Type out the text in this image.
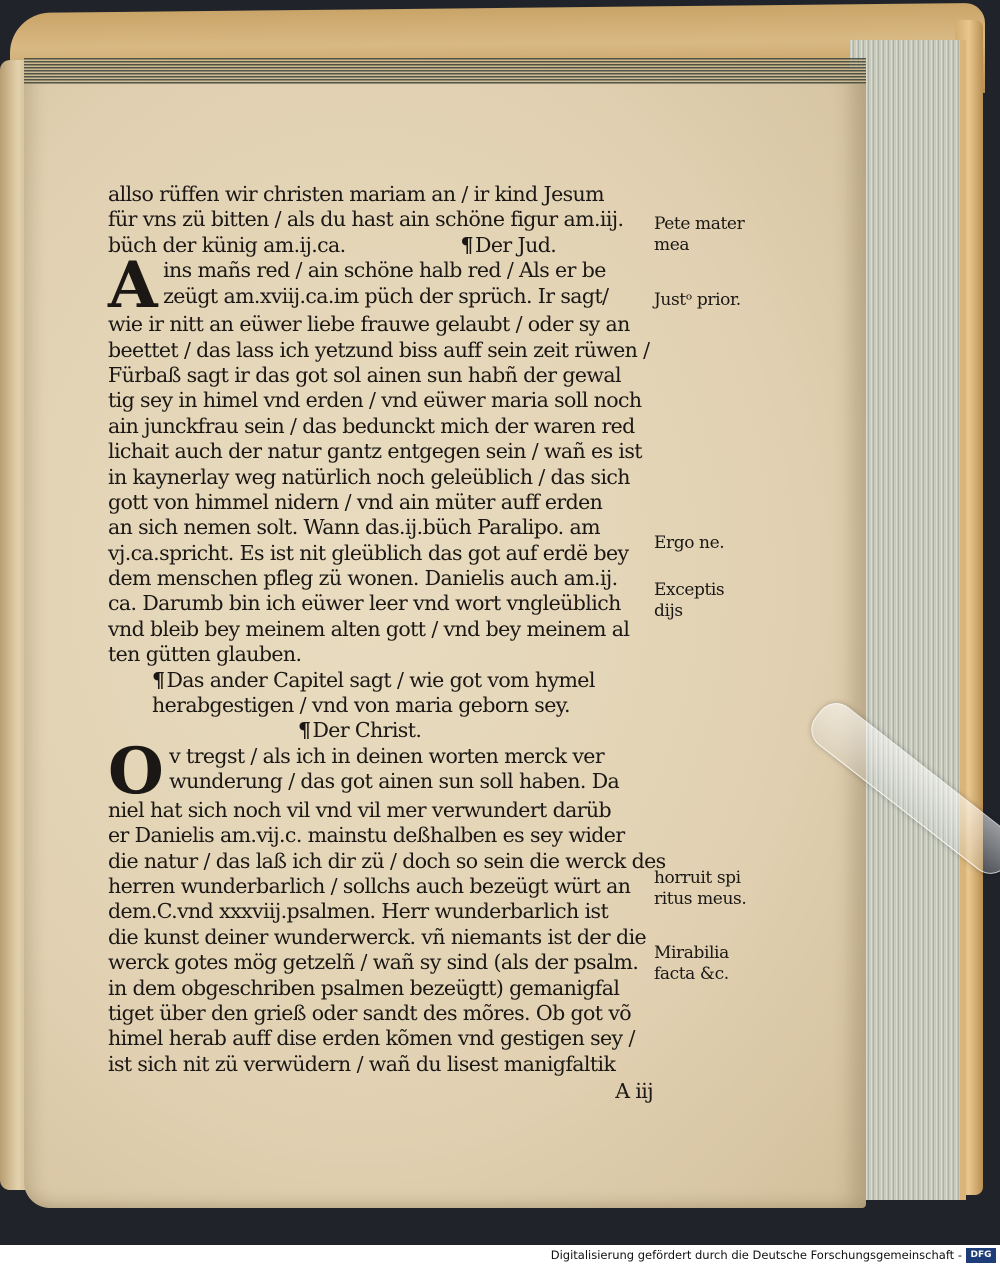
allso rüffen wir christen mariam an / ir kind Jesum
für vns zü bitten / als du hast ain schöne figur am.iij.
büch der künig am.ij.ca.	¶Der Jud.
A ins mañs red / ain schöne halb red / Als er be
zeügt am.xviij.ca.im püch der sprüch. Ir sagt/
wie ir nitt an eüwer liebe frauwe gelaubt / oder sy an
beettet / das lass ich yetzund biss auff sein zeit rüwen /
Fürbaß sagt ir das got sol ainen sun habñ der gewal
tig sey in himel vnd erden / vnd eüwer maria soll noch
ain junckfrau sein / das bedunckt mich der waren red
lichait auch der natur gantz entgegen sein / wañ es ist
in kaynerlay weg natürlich noch geleüblich / das sich
gott von himmel nidern / vnd ain müter auff erden
an sich nemen solt. Wann das.ij.büch Paralipo. am
vj.ca.spricht. Es ist nit gleüblich das got auf erdë bey
dem menschen pfleg zü wonen. Danielis auch am.ij.
ca. Darumb bin ich eüwer leer vnd wort vngleüblich
vnd bleib bey meinem alten gott / vnd bey meinem al
ten gütten glauben.
¶Das ander Capitel sagt / wie got vom hymel
herabgestigen / vnd von maria geborn sey.
¶Der Christ.
O v tregst / als ich in deinen worten merck ver
wunderung / das got ainen sun soll haben. Da
niel hat sich noch vil vnd vil mer verwundert darüb
er Danielis am.vij.c. mainstu deßhalben es sey wider
die natur / das laß ich dir zü / doch so sein die werck des
herren wunderbarlich / sollchs auch bezeügt würt an
dem.C.vnd xxxviij.psalmen. Herr wunderbarlich ist
die kunst deiner wunderwerck. vñ niemants ist der die
werck gotes mög getzelñ / wañ sy sind (als der psalm.
in dem obgeschriben psalmen bezeügtt) gemanigfal
tiget über den grieß oder sandt des mõres. Ob got võ
himel herab auff dise erden kõmen vnd gestigen sey /
ist sich nit zü verwüdern / wañ du lisest manigfaltik
A iij
Pete mater
mea
Justᵒ prior.
Ergo ne.
Exceptis
dijs
horruit spi
ritus meus.
Mirabilia
facta &c.
Digitalisierung gefördert durch die Deutsche Forschungsgemeinschaft - DFG
